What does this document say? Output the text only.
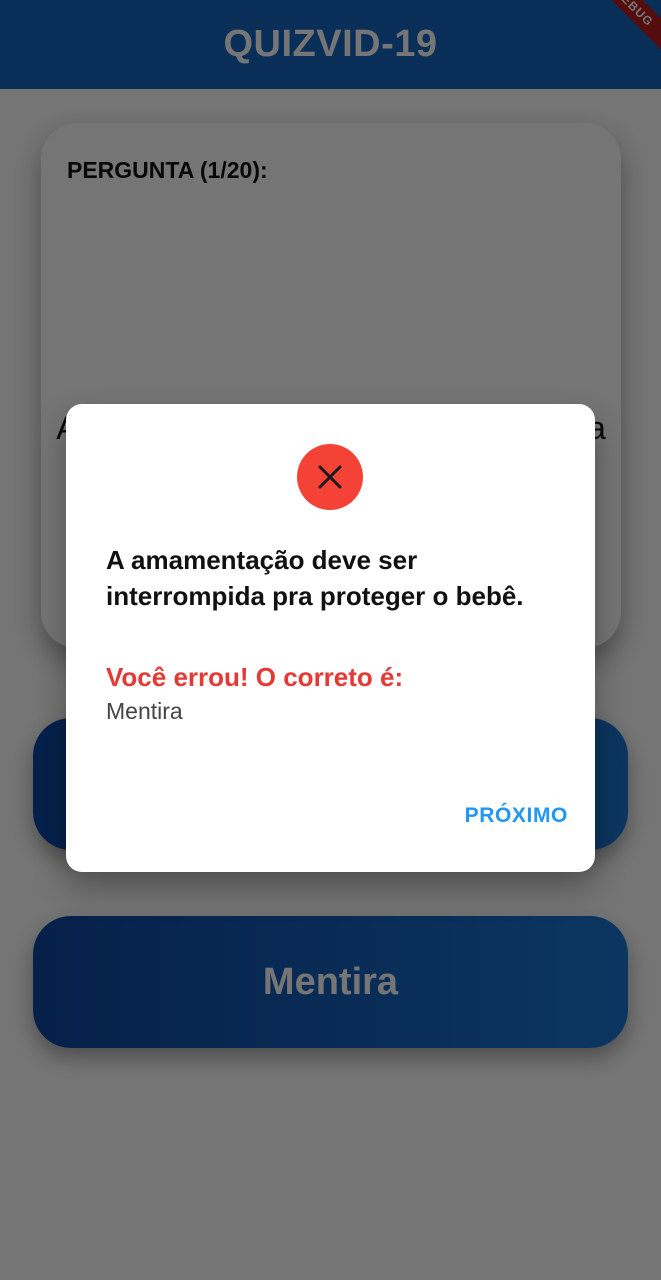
A amamentação deve ser interrompida pra proteger o bebê.
Você errou! O correto é:
Mentira
PRÓXIMO
